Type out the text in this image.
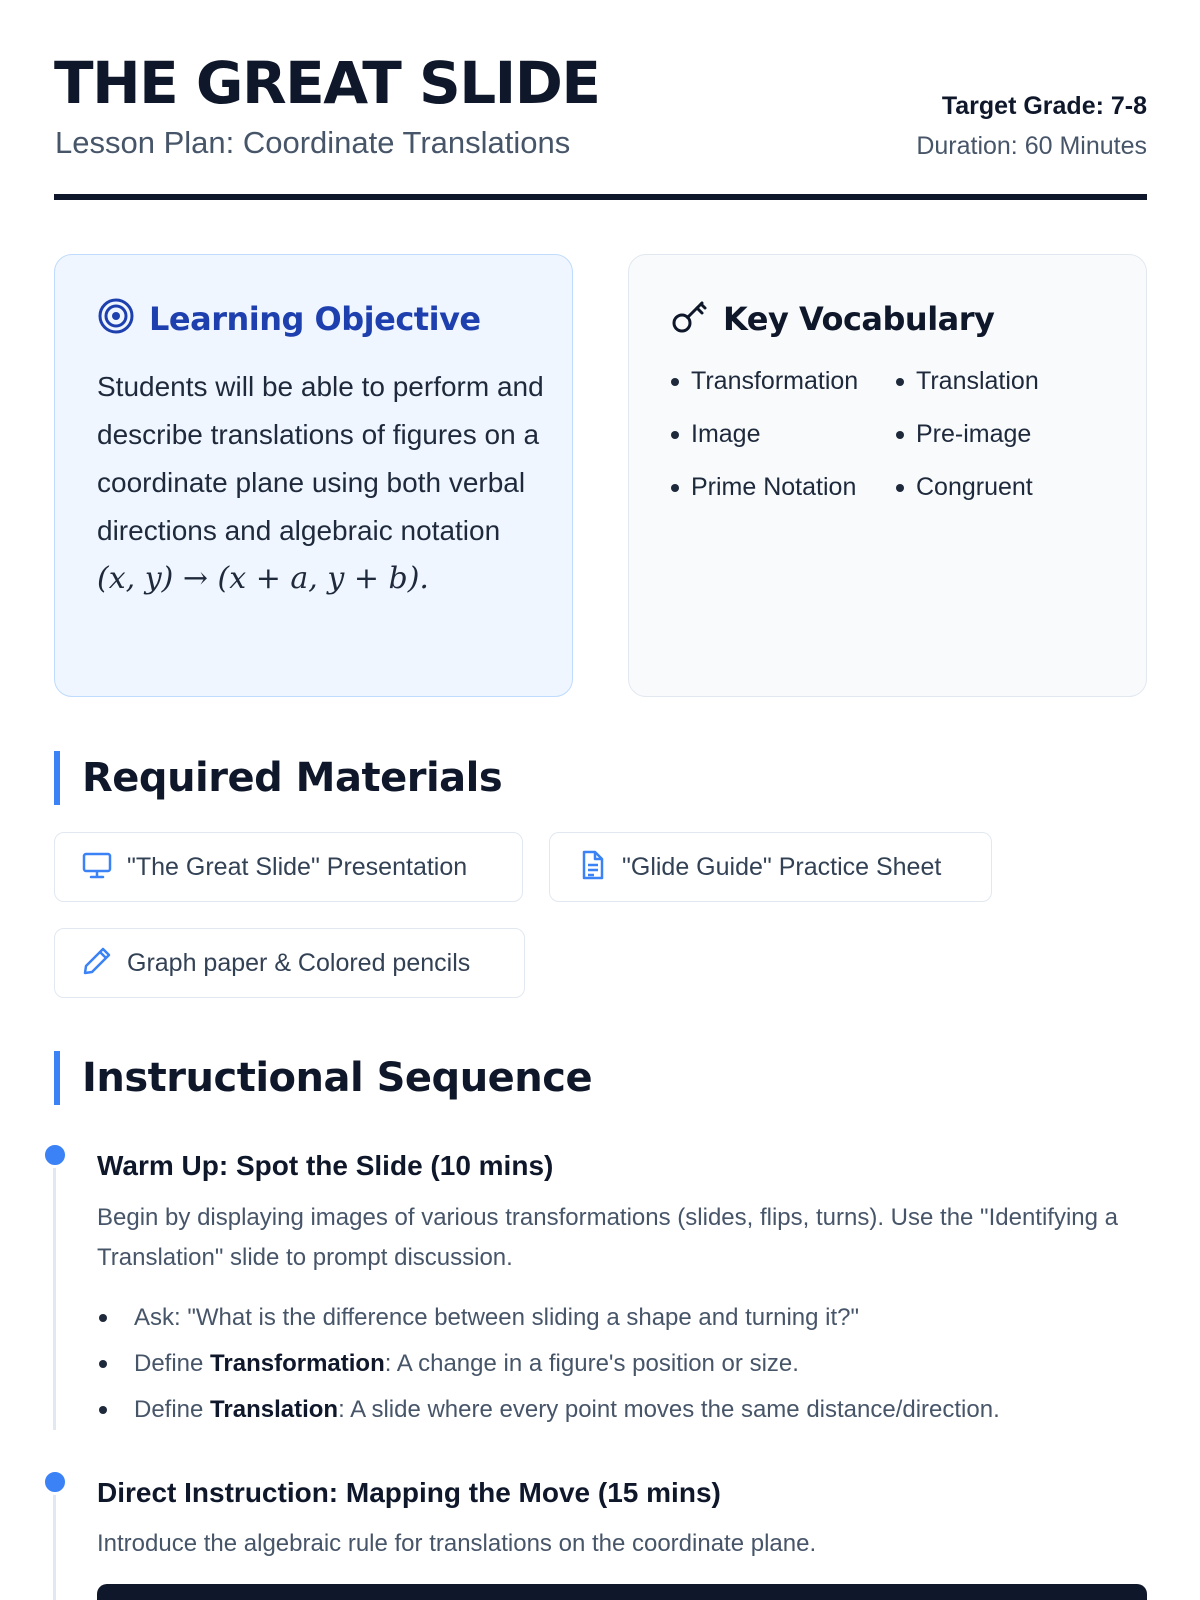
THE GREAT SLIDE
Lesson Plan: Coordinate Translations
Target Grade: 7-8
Duration: 60 Minutes
Learning Objective
Students will be able to perform and describe translations of figures on a coordinate plane using both verbal directions and algebraic notation
(x, y) → (x + a, y + b).
Key Vocabulary
Transformation Translation
Image	Pre-image
Prime Notation Congruent
Required Materials
"The Great Slide" Presentation	"Glide Guide" Practice Sheet
Graph paper & Colored pencils
Instructional Sequence
Warm Up: Spot the Slide (10 mins)
Begin by displaying images of various transformations (slides, flips, turns). Use the "Identifying a Translation" slide to prompt discussion.
Ask: "What is the difference between sliding a shape and turning it?"
Define Transformation: A change in a figure's position or size.
Define Translation: A slide where every point moves the same distance/direction.
Direct Instruction: Mapping the Move (15 mins)
Introduce the algebraic rule for translations on the coordinate plane.
